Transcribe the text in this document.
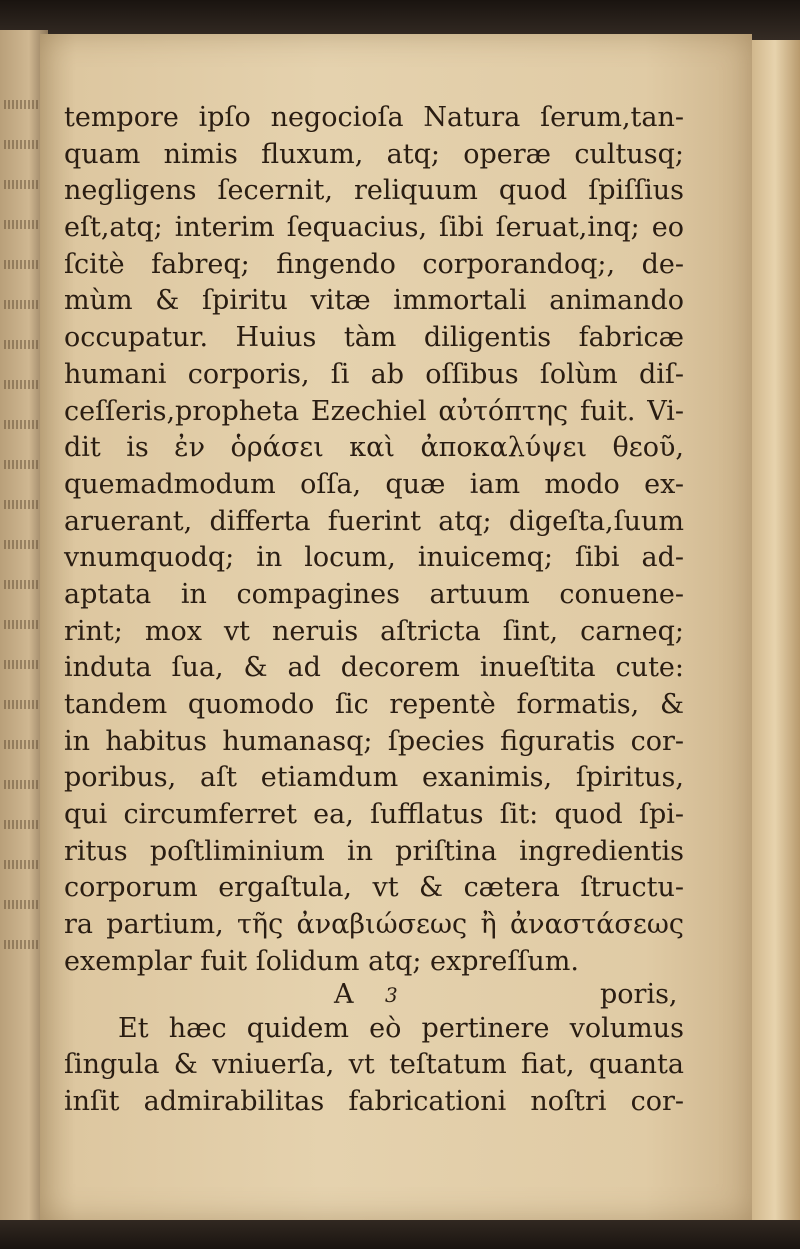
tempore ipſo negocioſa Natura ſerum,tan-
quam nimis fluxum, atq; operæ cultusq;
negligens ſecernit, reliquum quod ſpiſſius
eſt,atq; interim ſequacius, ſibi ſeruat,inq; eo
ſcitè fabreq; fingendo corporandoq;, de-
mùm & ſpiritu vitæ immortali animando
occupatur. Huius tàm diligentis fabricæ
humani corporis, ſi ab oſſibus ſolùm diſ-
ceſſeris,propheta Ezechiel αὐτόπτης fuit. Vi-
dit is ἐν ὁράσει καὶ ἀποκαλύψει θεοῦ,
quemadmodum oſſa, quæ iam modo ex-
aruerant, differta fuerint atq; digeſta,ſuum
vnumquodq; in locum, inuicemq; ſibi ad-
aptata in compagines artuum conuene-
rint; mox vt neruis aſtricta ſint, carneq;
induta ſua, & ad decorem inueſtita cute:
tandem quomodo ſic repentè formatis, &
in habitus humanasq; ſpecies figuratis cor-
poribus, aſt etiamdum exanimis, ſpiritus,
qui circumferret ea, ſufflatus ſit: quod ſpi-
ritus poſtliminium in priſtina ingredientis
corporum ergaſtula, vt & cætera ſtructu-
ra partium, τῆς ἀναβιώσεως ἢ ἀναστάσεως
exemplar fuit ſolidum atq; expreſſum.
Et hæc quidem eò pertinere volumus
ſingula & vniuerſa, vt teſtatum fiat, quanta
inſit admirabilitas fabricationi noſtri cor-
A 3	poris,
